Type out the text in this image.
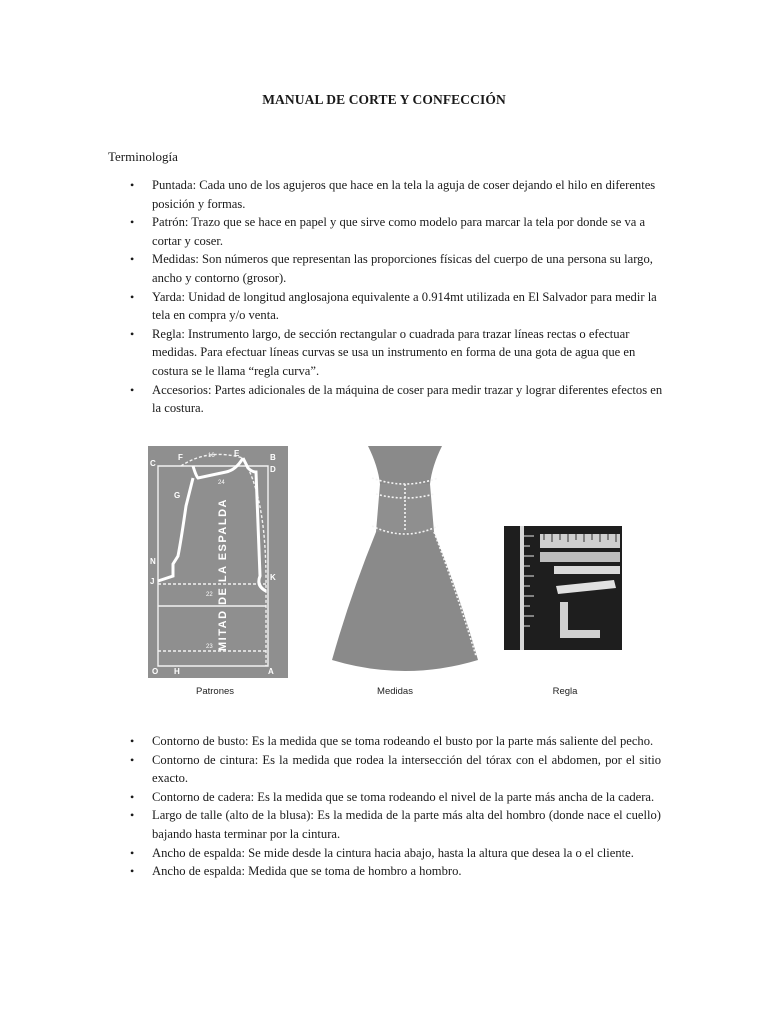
MANUAL DE CORTE Y CONFECCIÓN
Terminología
• Puntada: Cada uno de los agujeros que hace en la tela la aguja de coser dejando el hilo en diferentes posición y formas.
• Patrón: Trazo que se hace en papel y que sirve como modelo para marcar la tela por donde se va a cortar y coser.
• Medidas: Son números que representan las proporciones físicas del cuerpo de una persona su largo, ancho y contorno (grosor).
• Yarda: Unidad de longitud anglosajona equivalente a 0.914mt utilizada en El Salvador para medir la tela en compra y/o venta.
• Regla: Instrumento largo, de sección rectangular o cuadrada para trazar líneas rectas o efectuar medidas. Para efectuar líneas curvas se usa un instrumento en forma de una gota de agua que en costura se le llama “regla curva”.
• Accesorios: Partes adicionales de la máquina de coser para medir trazar y lograr diferentes efectos en la costura.
C
F	B
D
G
J	K
N
O H	A
E
16
24
22
23 MITAD DE LA ESPALDA
Patrones	Medidas	Regla
• Contorno de busto: Es la medida que se toma rodeando el busto por la parte más saliente del pecho.
• Contorno de cintura: Es la medida que rodea la intersección del tórax con el abdomen, por el sitio exacto.
• Contorno de cadera: Es la medida que se toma rodeando el nivel de la parte más ancha de la cadera.
• Largo de talle (alto de la blusa): Es la medida de la parte más alta del hombro (donde nace el cuello) bajando hasta terminar por la cintura.
• Ancho de espalda: Se mide desde la cintura hacia abajo, hasta la altura que desea la o el cliente.
• Ancho de espalda: Medida que se toma de hombro a hombro.
